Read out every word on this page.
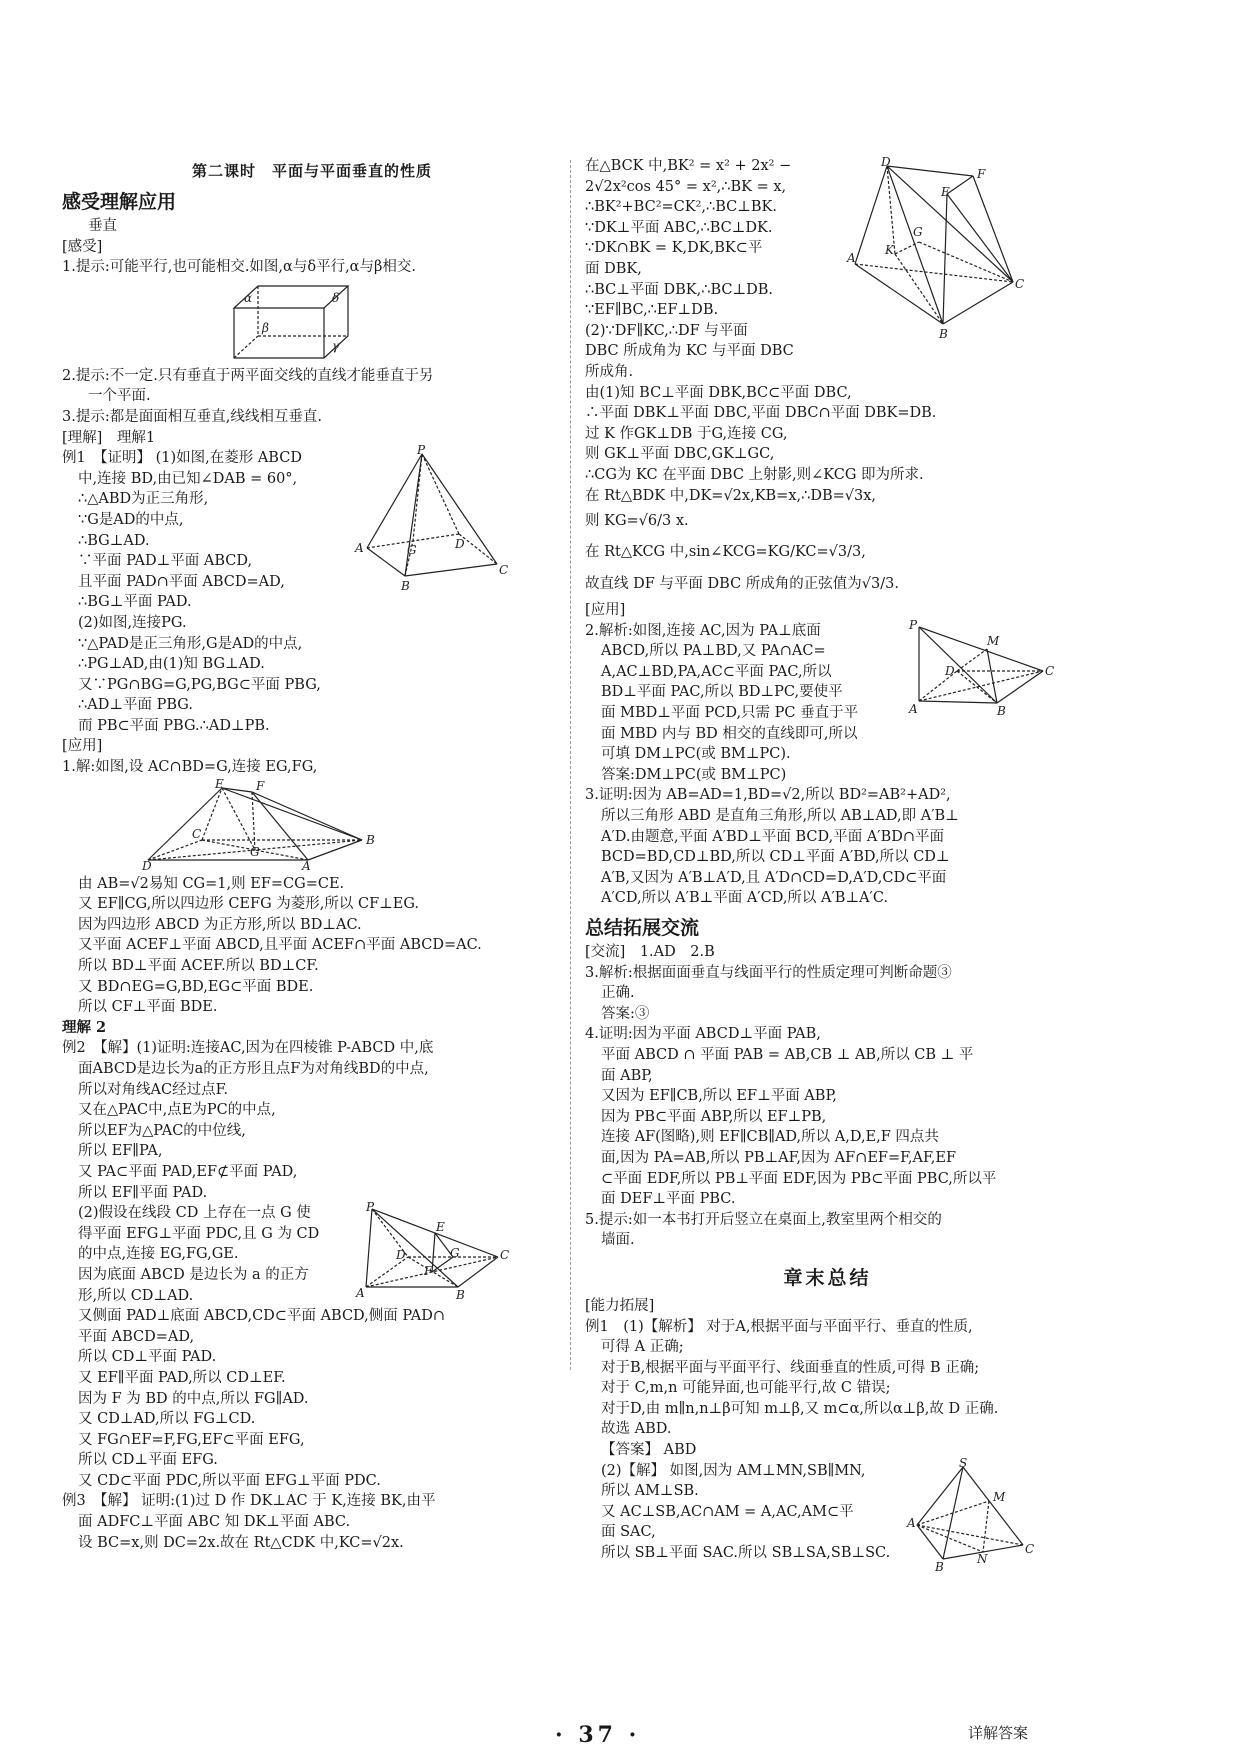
第二课时　平面与平面垂直的性质
感受理解应用
垂直
[感受]
1.提示:可能平行,也可能相交.如图,α与δ平行,α与β相交.
α	δ
β
γ
2.提示:不一定.只有垂直于两平面交线的直线才能垂直于另
一个平面.
3.提示:都是面面相互垂直,线线相互垂直.
[理解]　理解1
P
A
B
C
G	D
例1　【证明】 (1)如图,在菱形 ABCD
中,连接 BD,由已知∠DAB = 60°,
∴△ABD为正三角形,
∵G是AD的中点,
∴BG⊥AD.
∵平面 PAD⊥平面 ABCD,
且平面 PAD∩平面 ABCD=AD,
∴BG⊥平面 PAD.
(2)如图,连接PG.
∵△PAD是正三角形,G是AD的中点,
∴PG⊥AD,由(1)知 BG⊥AD.
又∵PG∩BG=G,PG,BG⊂平面 PBG,
∴AD⊥平面 PBG.
而 PB⊂平面 PBG.∴AD⊥PB.
[应用]
1.解:如图,设 AC∩BD=G,连接 EG,FG,
E	F
D
C
G
A
B
由 AB=√2易知 CG=1,则 EF=CG=CE.
又 EF∥CG,所以四边形 CEFG 为菱形,所以 CF⊥EG.
因为四边形 ABCD 为正方形,所以 BD⊥AC.
又平面 ACEF⊥平面 ABCD,且平面 ACEF∩平面 ABCD=AC.
所以 BD⊥平面 ACEF.所以 BD⊥CF.
又 BD∩EG=G,BD,EG⊂平面 BDE.
所以 CF⊥平面 BDE.
理解 2
例2　【解】(1)证明:连接AC,因为在四棱锥 P-ABCD 中,底
面ABCD是边长为a的正方形且点F为对角线BD的中点,
所以对角线AC经过点F.
又在△PAC中,点E为PC的中点,
所以EF为△PAC的中位线,
所以 EF∥PA,
又 PA⊂平面 PAD,EF⊄平面 PAD,
所以 EF∥平面 PAD.
P
E
D	G
F
C
A	B
(2)假设在线段 CD 上存在一点 G 使
得平面 EFG⊥平面 PDC,且 G 为 CD
的中点,连接 EG,FG,GE.
因为底面 ABCD 是边长为 a 的正方
形,所以 CD⊥AD.
又侧面 PAD⊥底面 ABCD,CD⊂平面 ABCD,侧面 PAD∩
平面 ABCD=AD,
所以 CD⊥平面 PAD.
又 EF∥平面 PAD,所以 CD⊥EF.
因为 F 为 BD 的中点,所以 FG∥AD.
又 CD⊥AD,所以 FG⊥CD.
又 FG∩EF=F,FG,EF⊂平面 EFG,
所以 CD⊥平面 EFG.
又 CD⊂平面 PDC,所以平面 EFG⊥平面 PDC.
例3　【解】 证明:(1)过 D 作 DK⊥AC 于 K,连接 BK,由平
面 ADFC⊥平面 ABC 知 DK⊥平面 ABC.
设 BC=x,则 DC=2x.故在 Rt△CDK 中,KC=√2x.
D
F
E
G
K
A
C
B
在△BCK 中,BK² = x² + 2x² −
2√2x²cos 45° = x²,∴BK = x,
∴BK²+BC²=CK²,∴BC⊥BK.
∵DK⊥平面 ABC,∴BC⊥DK.
∵DK∩BK = K,DK,BK⊂平
面 DBK,
∴BC⊥平面 DBK,∴BC⊥DB.
∵EF∥BC,∴EF⊥DB.
(2)∵DF∥KC,∴DF 与平面
DBC 所成角为 KC 与平面 DBC
所成角.
由(1)知 BC⊥平面 DBK,BC⊂平面 DBC,
∴平面 DBK⊥平面 DBC,平面 DBC∩平面 DBK=DB.
过 K 作GK⊥DB 于G,连接 CG,
则 GK⊥平面 DBC,GK⊥GC,
∴CG为 KC 在平面 DBC 上射影,则∠KCG 即为所求.
在 Rt△BDK 中,DK=√2x,KB=x,∴DB=√3x,
则 KG=√6/3 x.
在 Rt△KCG 中,sin∠KCG=KG/KC=√3/3,
故直线 DF 与平面 DBC 所成角的正弦值为√3/3.
[应用]
P
M
D	C
A	B
2.解析:如图,连接 AC,因为 PA⊥底面
ABCD,所以 PA⊥BD,又 PA∩AC=
A,AC⊥BD,PA,AC⊂平面 PAC,所以
BD⊥平面 PAC,所以 BD⊥PC,要使平
面 MBD⊥平面 PCD,只需 PC 垂直于平
面 MBD 内与 BD 相交的直线即可,所以
可填 DM⊥PC(或 BM⊥PC).
答案:DM⊥PC(或 BM⊥PC)
3.证明:因为 AB=AD=1,BD=√2,所以 BD²=AB²+AD²,
所以三角形 ABD 是直角三角形,所以 AB⊥AD,即 A′B⊥
A′D.由题意,平面 A′BD⊥平面 BCD,平面 A′BD∩平面
BCD=BD,CD⊥BD,所以 CD⊥平面 A′BD,所以 CD⊥
A′B,又因为 A′B⊥A′D,且 A′D∩CD=D,A′D,CD⊂平面
A′CD,所以 A′B⊥平面 A′CD,所以 A′B⊥A′C.
总结拓展交流
[交流]　1.AD　2.B
3.解析:根据面面垂直与线面平行的性质定理可判断命题③
正确.
答案:③
4.证明:因为平面 ABCD⊥平面 PAB,
平面 ABCD ∩ 平面 PAB = AB,CB ⊥ AB,所以 CB ⊥ 平
面 ABP,
又因为 EF∥CB,所以 EF⊥平面 ABP,
因为 PB⊂平面 ABP,所以 EF⊥PB,
连接 AF(图略),则 EF∥CB∥AD,所以 A,D,E,F 四点共
面,因为 PA=AB,所以 PB⊥AF,因为 AF∩EF=F,AF,EF
⊂平面 EDF,所以 PB⊥平面 EDF,因为 PB⊂平面 PBC,所以平
面 DEF⊥平面 PBC.
5.提示:如一本书打开后竖立在桌面上,教室里两个相交的
墙面.
章末总结
[能力拓展]
例1　(1)【解析】 对于A,根据平面与平面平行、垂直的性质,
可得 A 正确;
对于B,根据平面与平面平行、线面垂直的性质,可得 B 正确;
对于 C,m,n 可能异面,也可能平行,故 C 错误;
对于D,由 m∥n,n⊥β可知 m⊥β,又 m⊂α,所以α⊥β,故 D 正确.
故选 ABD.
【答案】 ABD
S
M
A
N
C
B
(2)【解】 如图,因为 AM⊥MN,SB∥MN,
所以 AM⊥SB.
又 AC⊥SB,AC∩AM = A,AC,AM⊂平
面 SAC,
所以 SB⊥平面 SAC.所以 SB⊥SA,SB⊥SC.
· 37 ·	详解答案
